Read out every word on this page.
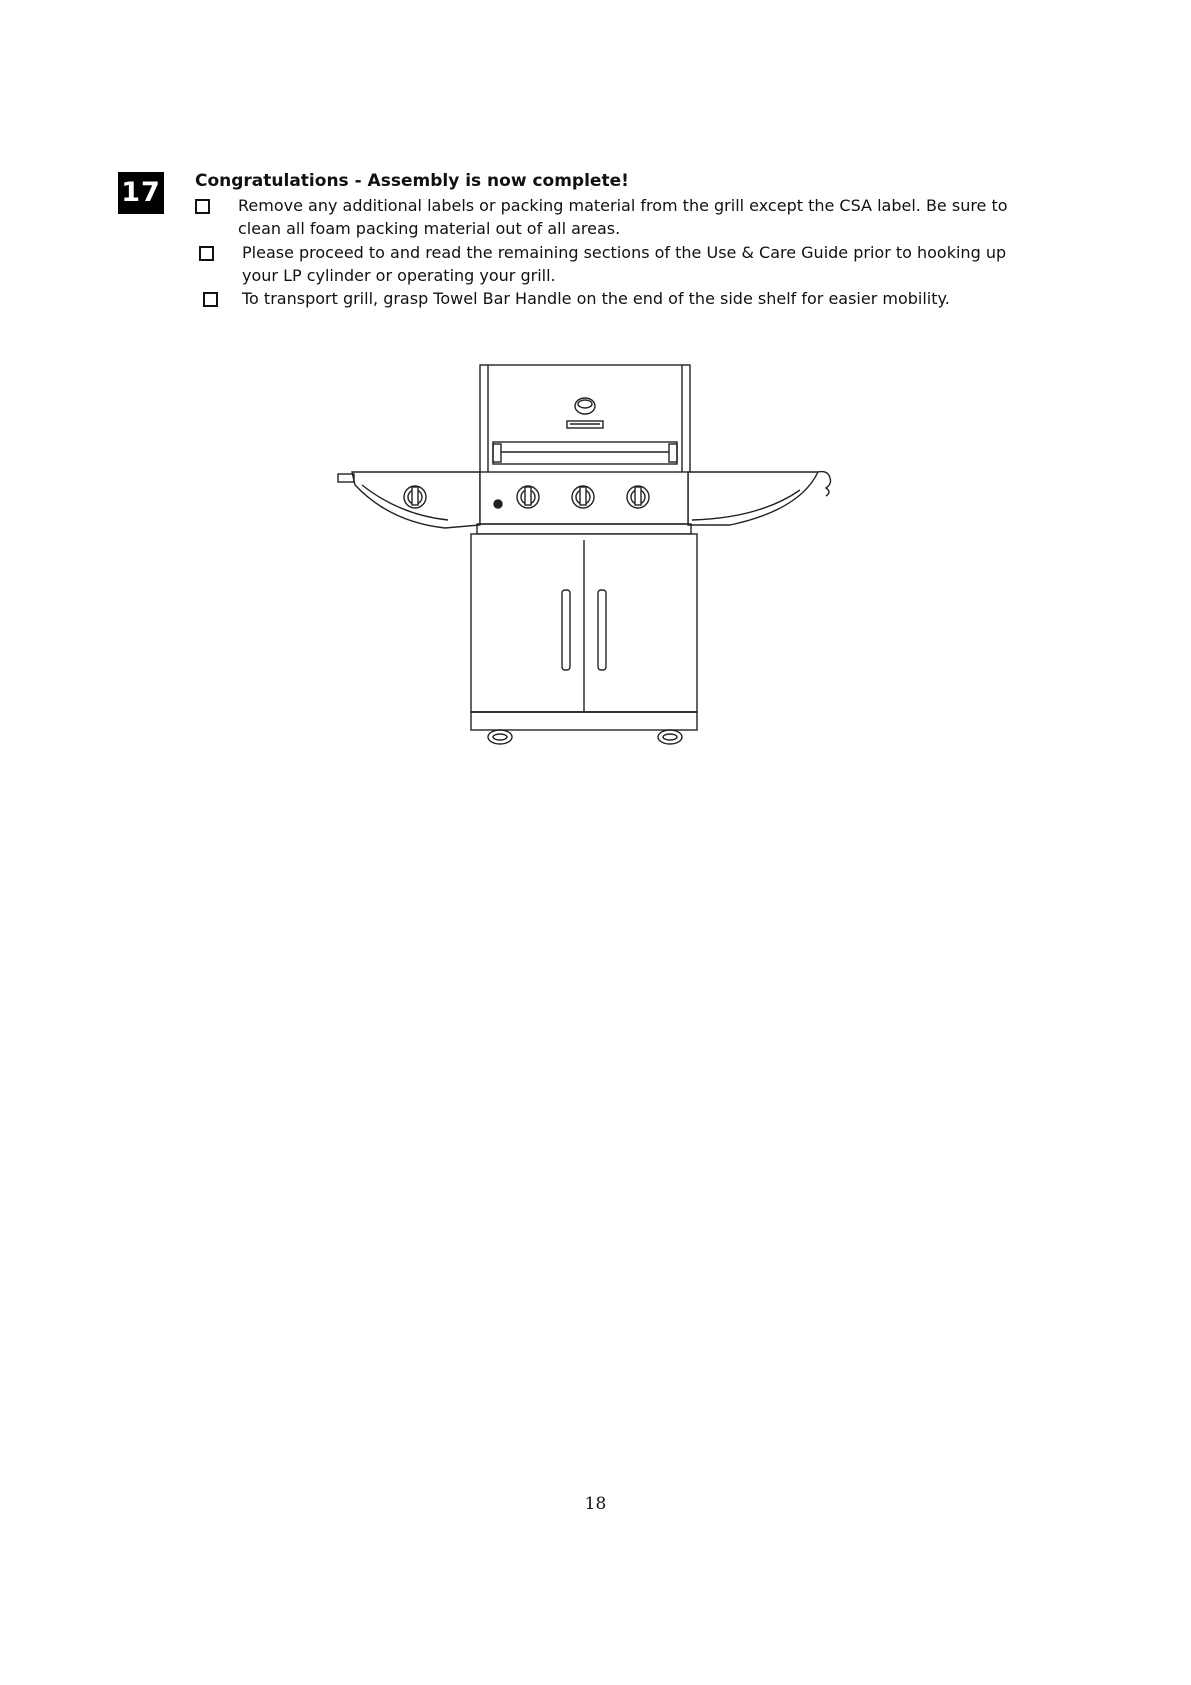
17 Congratulations - Assembly is now complete!
Remove any additional labels or packing material from the grill except the CSA label. Be sure to
clean all foam packing material out of all areas.
Please proceed to and read the remaining sections of the Use & Care Guide prior to hooking up
your LP cylinder or operating your grill.
To transport grill, grasp Towel Bar Handle on the end of the side shelf for easier mobility.
18
